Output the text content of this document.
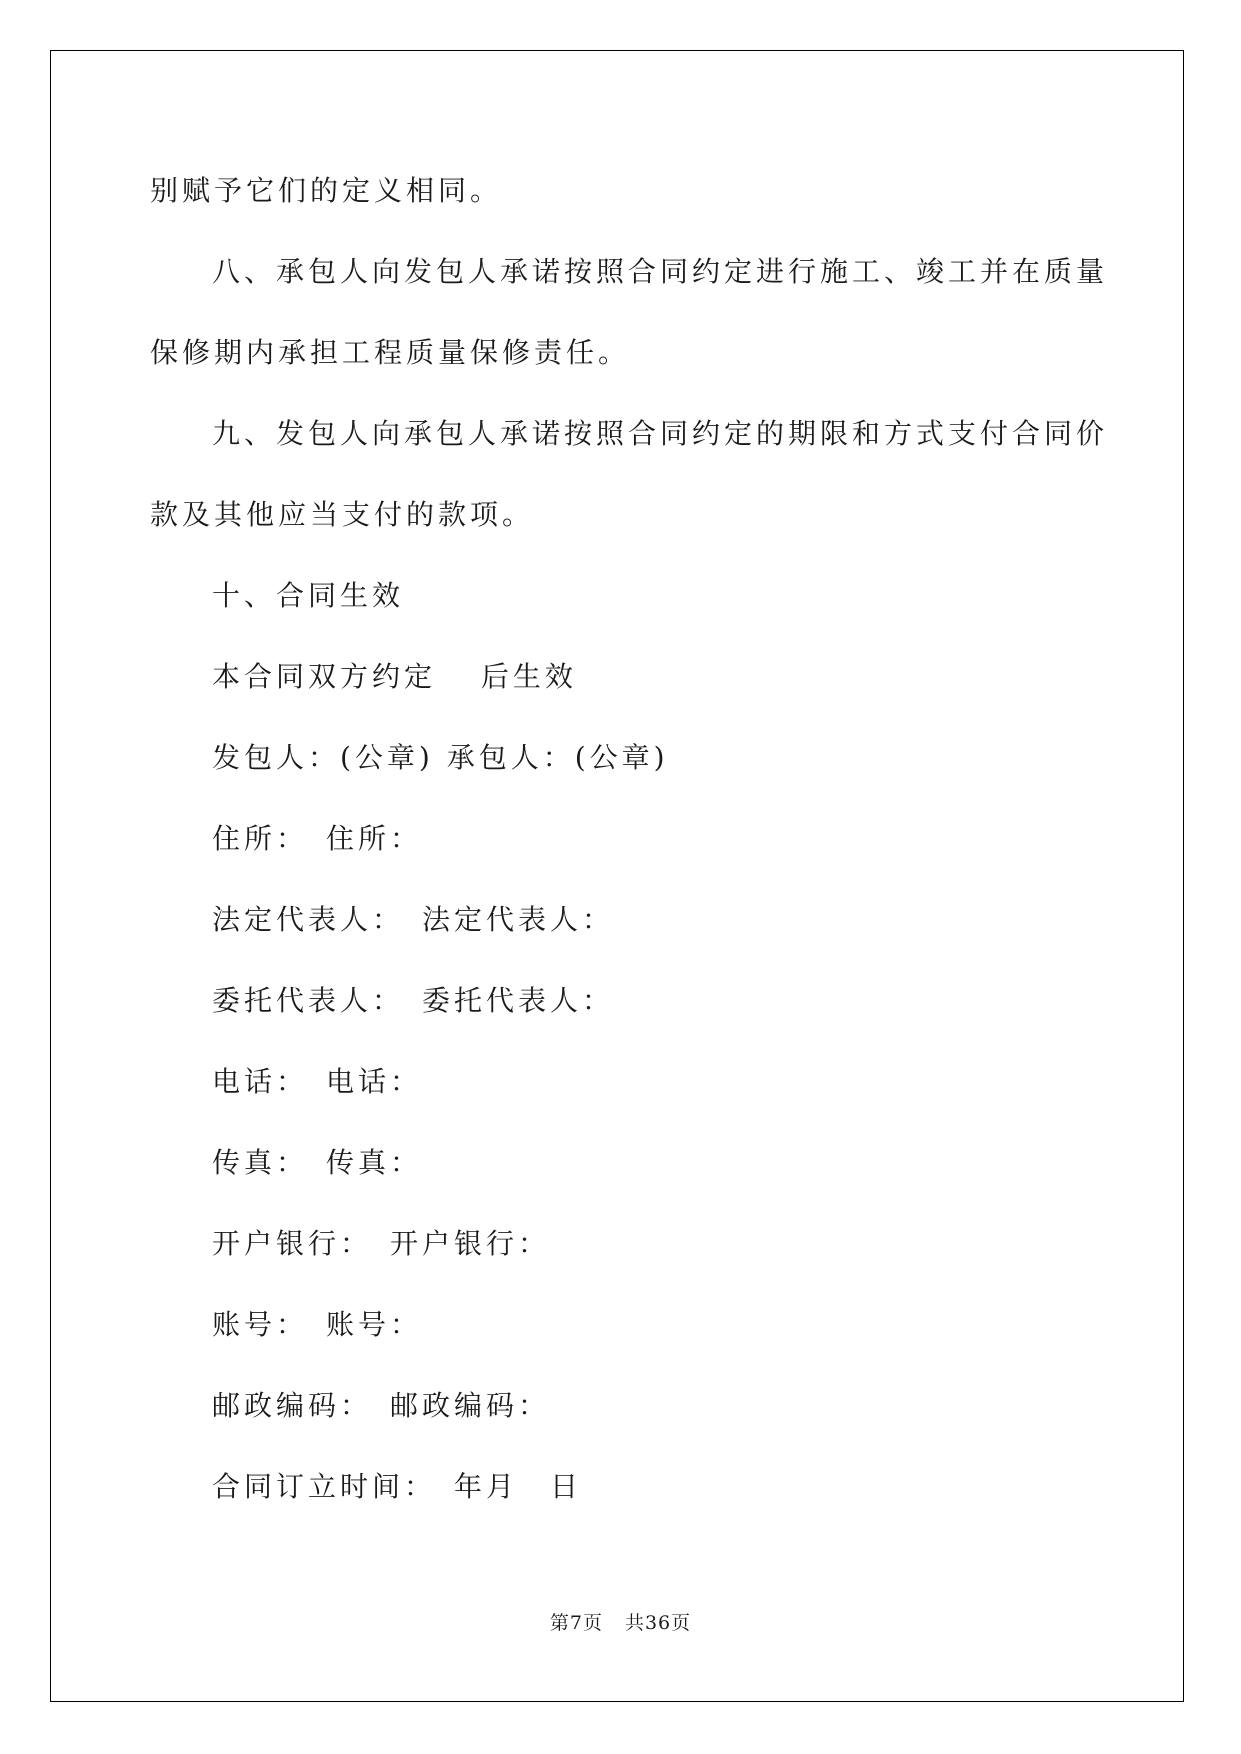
别赋予它们的定义相同。
八、承包人向发包人承诺按照合同约定进行施工、竣工并在质量
保修期内承担工程质量保修责任。
九、发包人向承包人承诺按照合同约定的期限和方式支付合同价
款及其他应当支付的款项。
十、合同生效
本合同双方约定　 后生效
发包人：(公章) 承包人：(公章)
住所：　住所：
法定代表人：　法定代表人：
委托代表人：　委托代表人：
电话：　电话：
传真：　传真：
开户银行：　开户银行：
账号：　账号：
邮政编码：　邮政编码：
合同订立时间：　年月　日
第7页 共36页
